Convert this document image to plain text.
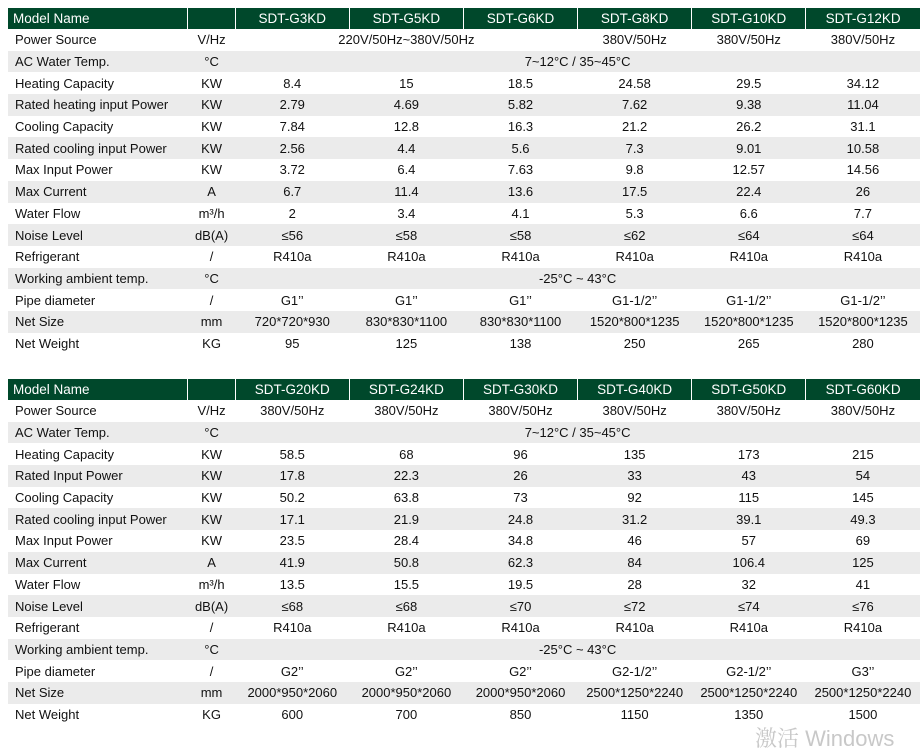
Model Name		SDT-G3KD	SDT-G5KD	SDT-G6KD	SDT-G8KD	SDT-G10KD	SDT-G12KD
Power Source	V/Hz	220V/50Hz~380V/50Hz			380V/50Hz	380V/50Hz	380V/50Hz
AC Water Temp.	°C	7~12°C / 35~45°C					
Heating Capacity	KW	8.4	15	18.5	24.58	29.5	34.12
Rated heating input Power	KW	2.79	4.69	5.82	7.62	9.38	11.04
Cooling Capacity	KW	7.84	12.8	16.3	21.2	26.2	31.1
Rated cooling input Power	KW	2.56	4.4	5.6	7.3	9.01	10.58
Max Input Power	KW	3.72	6.4	7.63	9.8	12.57	14.56
Max Current	A	6.7	11.4	13.6	17.5	22.4	26
Water Flow	m³/h	2	3.4	4.1	5.3	6.6	7.7
Noise Level	dB(A)	≤56	≤58	≤58	≤62	≤64	≤64
Refrigerant	/	R410a	R410a	R410a	R410a	R410a	R410a
Working ambient temp.	°C	-25°C ~ 43°C					
Pipe diameter	/	G1’’	G1’’	G1’’	G1-1/2’’	G1-1/2’’	G1-1/2’’
Net Size	mm	720*720*930	830*830*1100	830*830*1100	1520*800*1235	1520*800*1235	1520*800*1235
Net Weight	KG	95	125	138	250	265	280
Model Name		SDT-G20KD	SDT-G24KD	SDT-G30KD	SDT-G40KD	SDT-G50KD	SDT-G60KD
Power Source	V/Hz	380V/50Hz	380V/50Hz	380V/50Hz	380V/50Hz	380V/50Hz	380V/50Hz
AC Water Temp.	°C	7~12°C / 35~45°C					
Heating Capacity	KW	58.5	68	96	135	173	215
Rated Input Power	KW	17.8	22.3	26	33	43	54
Cooling Capacity	KW	50.2	63.8	73	92	115	145
Rated cooling input Power	KW	17.1	21.9	24.8	31.2	39.1	49.3
Max Input Power	KW	23.5	28.4	34.8	46	57	69
Max Current	A	41.9	50.8	62.3	84	106.4	125
Water Flow	m³/h	13.5	15.5	19.5	28	32	41
Noise Level	dB(A)	≤68	≤68	≤70	≤72	≤74	≤76
Refrigerant	/	R410a	R410a	R410a	R410a	R410a	R410a
Working ambient temp.	°C	-25°C ~ 43°C					
Pipe diameter	/	G2’’	G2’’	G2’’	G2-1/2’’	G2-1/2’’	G3’’
Net Size	mm	2000*950*2060	2000*950*2060	2000*950*2060	2500*1250*2240	2500*1250*2240	2500*1250*2240
Net Weight	KG	600	700	850	1150	1350	1500
激活 Windows
